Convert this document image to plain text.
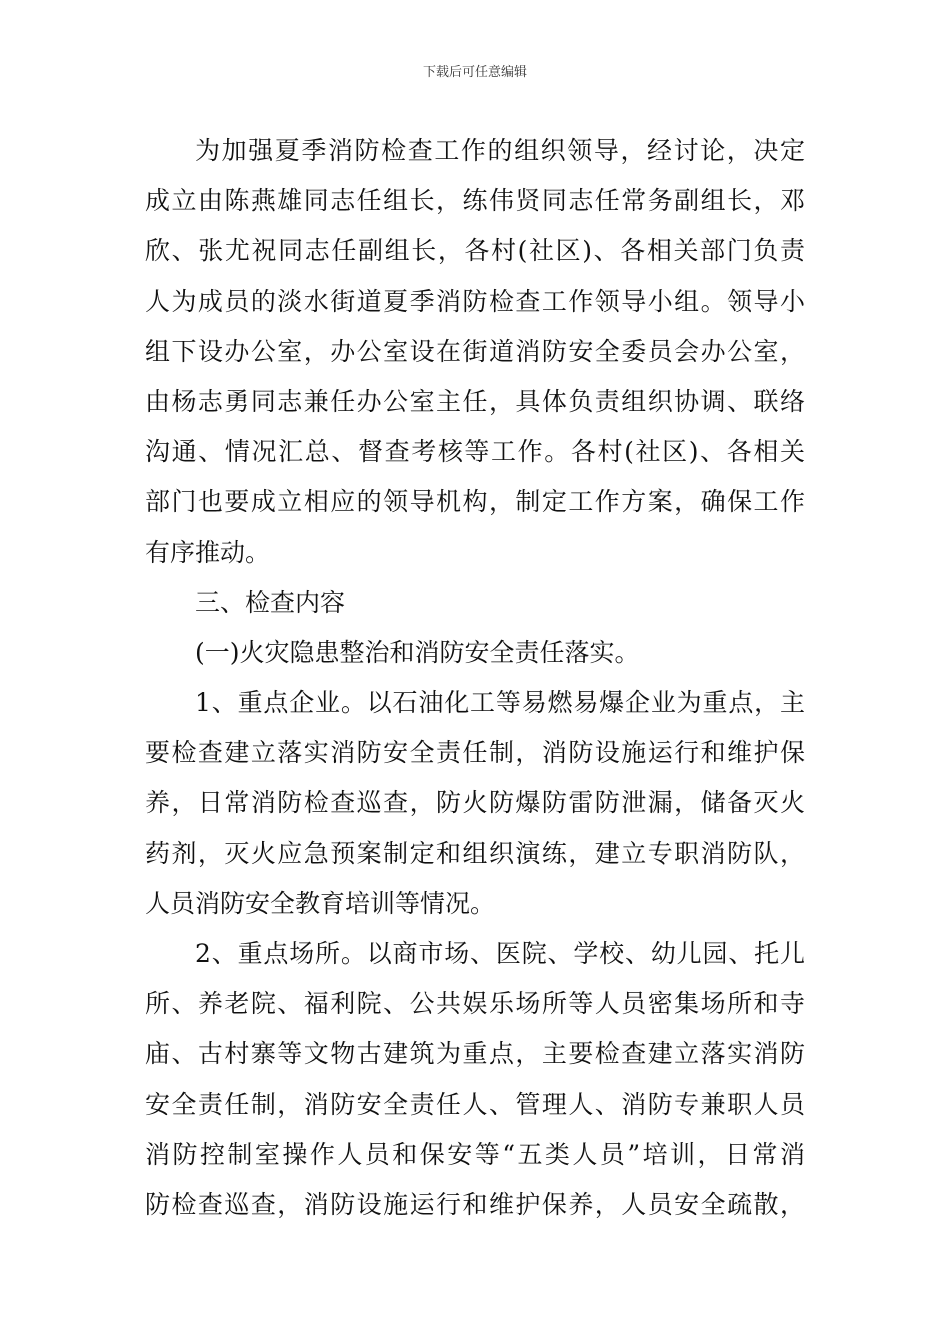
下载后可任意编辑
为加强夏季消防检查工作的组织领导，经讨论，决定
成立由陈燕雄同志任组长，练伟贤同志任常务副组长，邓
欣、张尤祝同志任副组长，各村(社区)、各相关部门负责
人为成员的淡水街道夏季消防检查工作领导小组。领导小
组下设办公室，办公室设在街道消防安全委员会办公室，
由杨志勇同志兼任办公室主任，具体负责组织协调、联络
沟通、情况汇总、督查考核等工作。各村(社区)、各相关
部门也要成立相应的领导机构，制定工作方案，确保工作
有序推动。
三、检查内容
(一)火灾隐患整治和消防安全责任落实。
1、重点企业。以石油化工等易燃易爆企业为重点，主
要检查建立落实消防安全责任制，消防设施运行和维护保
养，日常消防检查巡查，防火防爆防雷防泄漏，储备灭火
药剂，灭火应急预案制定和组织演练，建立专职消防队，
人员消防安全教育培训等情况。
2、重点场所。以商市场、医院、学校、幼儿园、托儿
所、养老院、福利院、公共娱乐场所等人员密集场所和寺
庙、古村寨等文物古建筑为重点，主要检查建立落实消防
安全责任制，消防安全责任人、管理人、消防专兼职人员
消防控制室操作人员和保安等“五类人员”培训，日常消
防检查巡查，消防设施运行和维护保养，人员安全疏散，
